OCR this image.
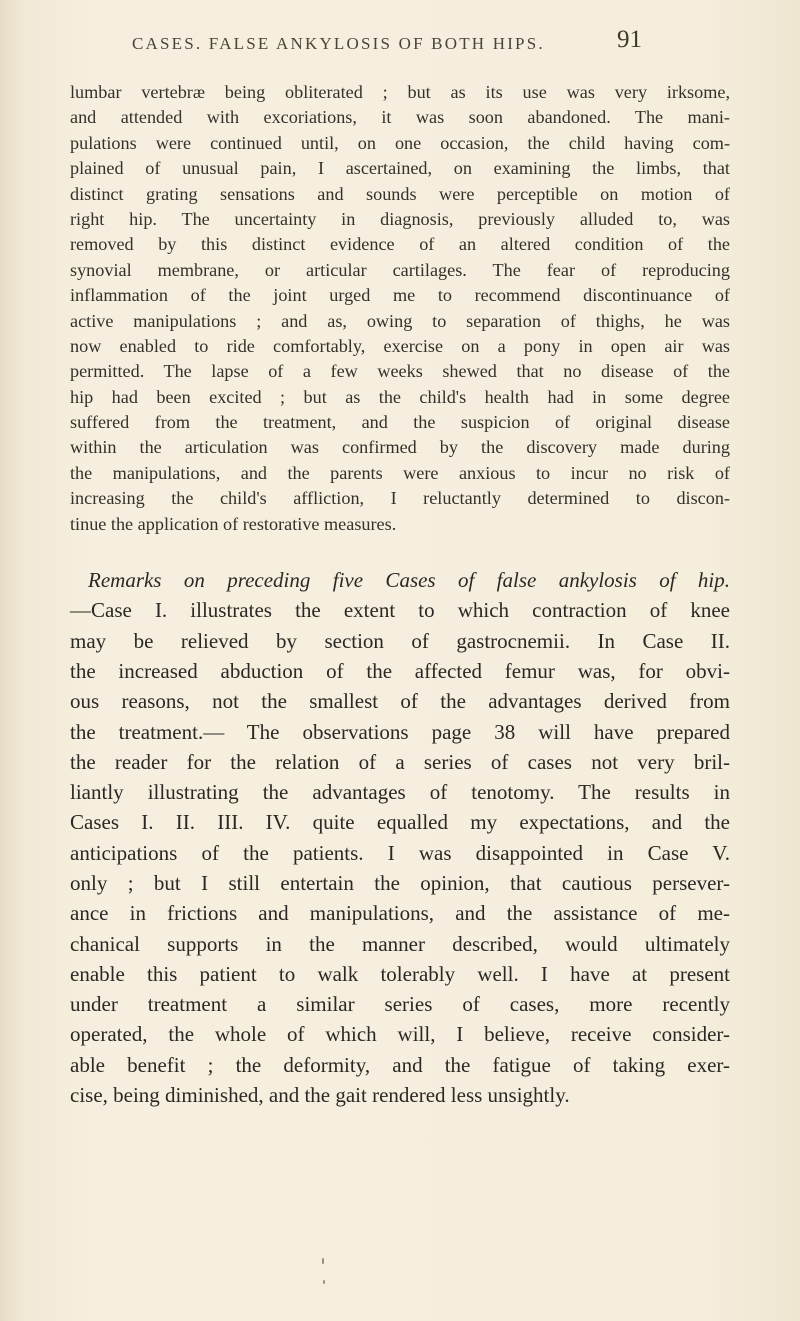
CASES. FALSE ANKYLOSIS OF BOTH HIPS.	91
lumbar vertebræ being obliterated ; but as its use was very irksome,
and attended with excoriations, it was soon abandoned. The mani-
pulations were continued until, on one occasion, the child having com-
plained of unusual pain, I ascertained, on examining the limbs, that
distinct grating sensations and sounds were perceptible on motion of
right hip. The uncertainty in diagnosis, previously alluded to, was
removed by this distinct evidence of an altered condition of the
synovial membrane, or articular cartilages. The fear of reproducing
inflammation of the joint urged me to recommend discontinuance of
active manipulations ; and as, owing to separation of thighs, he was
now enabled to ride comfortably, exercise on a pony in open air was
permitted. The lapse of a few weeks shewed that no disease of the
hip had been excited ; but as the child's health had in some degree
suffered from the treatment, and the suspicion of original disease
within the articulation was confirmed by the discovery made during
the manipulations, and the parents were anxious to incur no risk of
increasing the child's affliction, I reluctantly determined to discon-
tinue the application of restorative measures.
Remarks on preceding five Cases of false ankylosis of hip.
—Case I. illustrates the extent to which contraction of knee
may be relieved by section of gastrocnemii. In Case II.
the increased abduction of the affected femur was, for obvi-
ous reasons, not the smallest of the advantages derived from
the treatment.— The observations page 38 will have prepared
the reader for the relation of a series of cases not very bril-
liantly illustrating the advantages of tenotomy. The results in
Cases I. II. III. IV. quite equalled my expectations, and the
anticipations of the patients. I was disappointed in Case V.
only ; but I still entertain the opinion, that cautious persever-
ance in frictions and manipulations, and the assistance of me-
chanical supports in the manner described, would ultimately
enable this patient to walk tolerably well. I have at present
under treatment a similar series of cases, more recently
operated, the whole of which will, I believe, receive consider-
able benefit ; the deformity, and the fatigue of taking exer-
cise, being diminished, and the gait rendered less unsightly.
